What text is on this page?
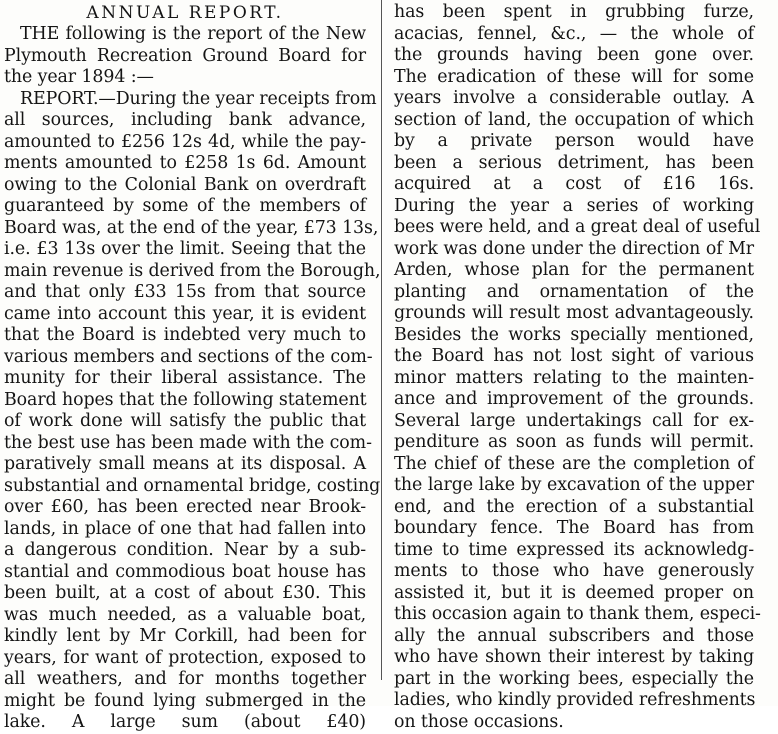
ANNUAL REPORT.
THE following is the report of the New
Plymouth Recreation Ground Board for
the year 1894 :—
REPORT.—During the year receipts from
all sources, including bank advance,
amounted to £256 12s 4d, while the pay-
ments amounted to £258 1s 6d. Amount
owing to the Colonial Bank on overdraft
guaranteed by some of the members of
Board was, at the end of the year, £73 13s,
i.e. £3 13s over the limit. Seeing that the
main revenue is derived from the Borough,
and that only £33 15s from that source
came into account this year, it is evident
that the Board is indebted very much to
various members and sections of the com-
munity for their liberal assistance. The
Board hopes that the following statement
of work done will satisfy the public that
the best use has been made with the com-
paratively small means at its disposal. A
substantial and ornamental bridge, costing
over £60, has been erected near Brook-
lands, in place of one that had fallen into
a dangerous condition. Near by a sub-
stantial and commodious boat house has
been built, at a cost of about £30. This
was much needed, as a valuable boat,
kindly lent by Mr Corkill, had been for
years, for want of protection, exposed to
all weathers, and for months together
might be found lying submerged in the
lake. A large sum (about £40)
has been spent in grubbing furze,
acacias, fennel, &c., — the whole of
the grounds having been gone over.
The eradication of these will for some
years involve a considerable outlay. A
section of land, the occupation of which
by a private person would have
been a serious detriment, has been
acquired at a cost of £16 16s.
During the year a series of working
bees were held, and a great deal of useful
work was done under the direction of Mr
Arden, whose plan for the permanent
planting and ornamentation of the
grounds will result most advantageously.
Besides the works specially mentioned,
the Board has not lost sight of various
minor matters relating to the mainten-
ance and improvement of the grounds.
Several large undertakings call for ex-
penditure as soon as funds will permit.
The chief of these are the completion of
the large lake by excavation of the upper
end, and the erection of a substantial
boundary fence. The Board has from
time to time expressed its acknowledg-
ments to those who have generously
assisted it, but it is deemed proper on
this occasion again to thank them, especi-
ally the annual subscribers and those
who have shown their interest by taking
part in the working bees, especially the
ladies, who kindly provided refreshments
on those occasions.
